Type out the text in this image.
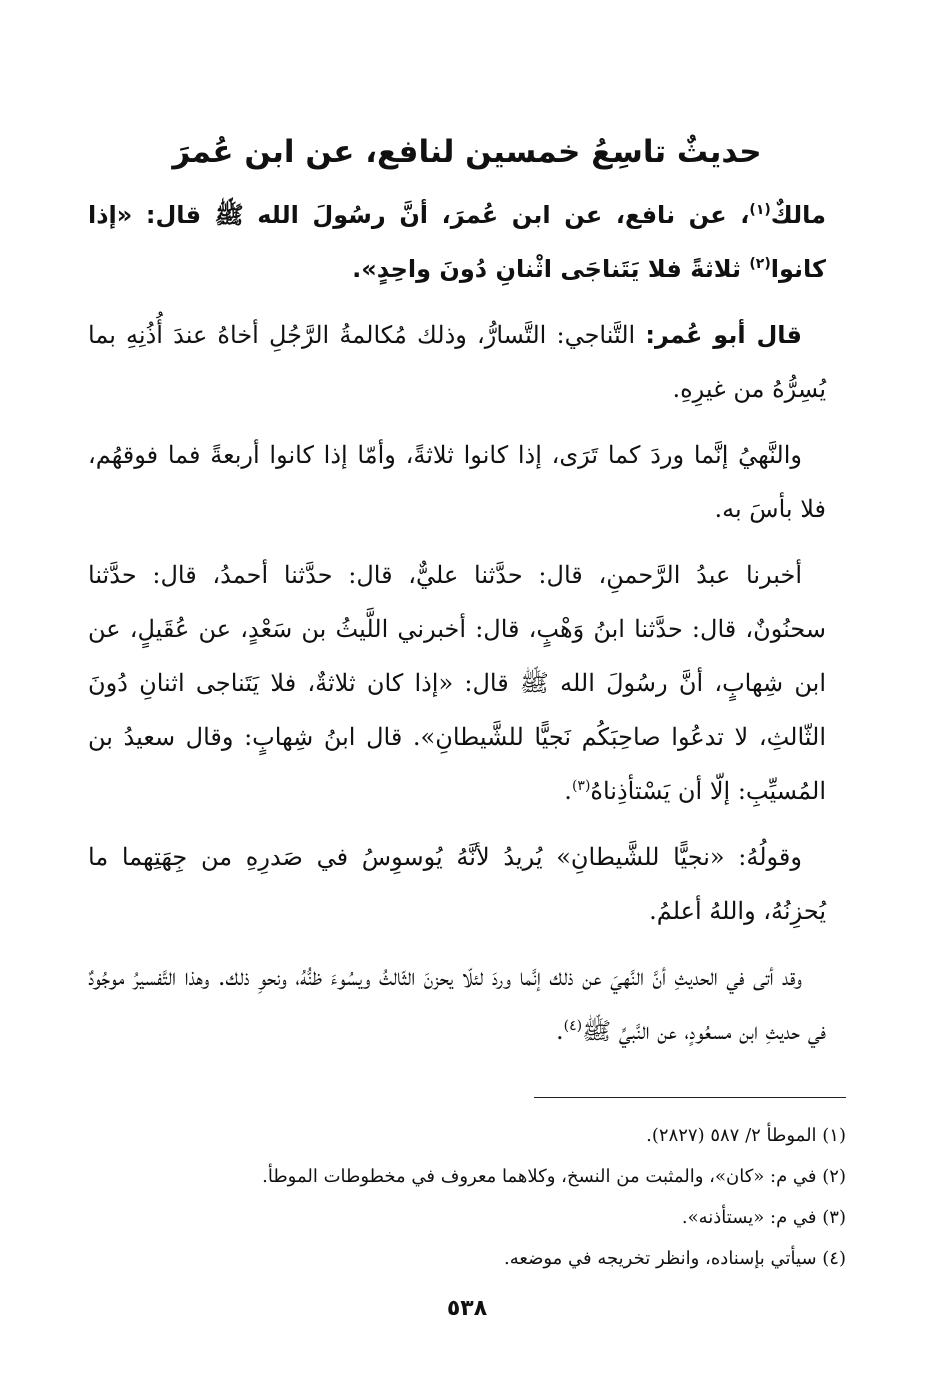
حديثٌ تاسِعُ خمسين لنافع، عن ابن عُمرَ

مالكٌ$^{(١)}$، عن نافع، عن ابن عُمرَ، أنَّ رسُولَ الله ﷺ قال: «إذا كانوا$^{(٢)}$ ثلاثةً فلا يَتَناجَى اثْنانِ دُونَ واحِدٍ».

قال أبو عُمر: التَّناجي: التَّسارُّ، وذلك مُكالمةُ الرَّجُلِ أخاهُ عندَ أُذُنِهِ بما يُسِرُّهُ من غيرِهِ.

والنَّهيُ إنَّما وردَ كما تَرَى، إذا كانوا ثلاثةً، وأمّا إذا كانوا أربعةً فما فوقهُم، فلا بأسَ به.

أخبرنا عبدُ الرَّحمنِ، قال: حدَّثنا عليٌّ، قال: حدَّثنا أحمدُ، قال: حدَّثنا سحنُونٌ، قال: حدَّثنا ابنُ وَهْبٍ، قال: أخبرني اللَّيثُ بن سَعْدٍ، عن عُقَيلٍ، عن ابن شِهابٍ، أنَّ رسُولَ الله ﷺ قال: «إذا كان ثلاثةٌ، فلا يَتَناجى اثنانِ دُونَ الثّالثِ، لا تدعُوا صاحِبَكُم نَجيًّا للشَّيطانِ». قال ابنُ شِهابٍ: وقال سعيدُ بن المُسيِّبِ: إلّا أن يَسْتأذِناهُ$^{(٣)}$.

وقولُهُ: «نجيًّا للشَّيطانِ» يُريدُ لأنَّهُ يُوسوِسُ في صَدرِهِ من جِهَتِهما ما يُحزِنُهُ، واللهُ أعلمُ.

وقد أتى في الحديثِ أنَّ النَّهيَ عن ذلك إنَّما وردَ لئلّا يحزنَ الثّالثُ ويسُوءَ ظنُّهُ، ونحوِ ذلك. وهذا التَّفسيرُ موجُودٌ في حديثِ ابن مسعُودٍ، عن النَّبيِّ ﷺ$^{(٤)}$.

(١) الموطأ ٢/ ٥٨٧ (٢٨٢٧).

(٢) في م: «كان»، والمثبت من النسخ، وكلاهما معروف في مخطوطات الموطأ.

(٣) في م: «يستأذنه».

(٤) سيأتي بإسناده، وانظر تخريجه في موضعه.

٥٣٨
